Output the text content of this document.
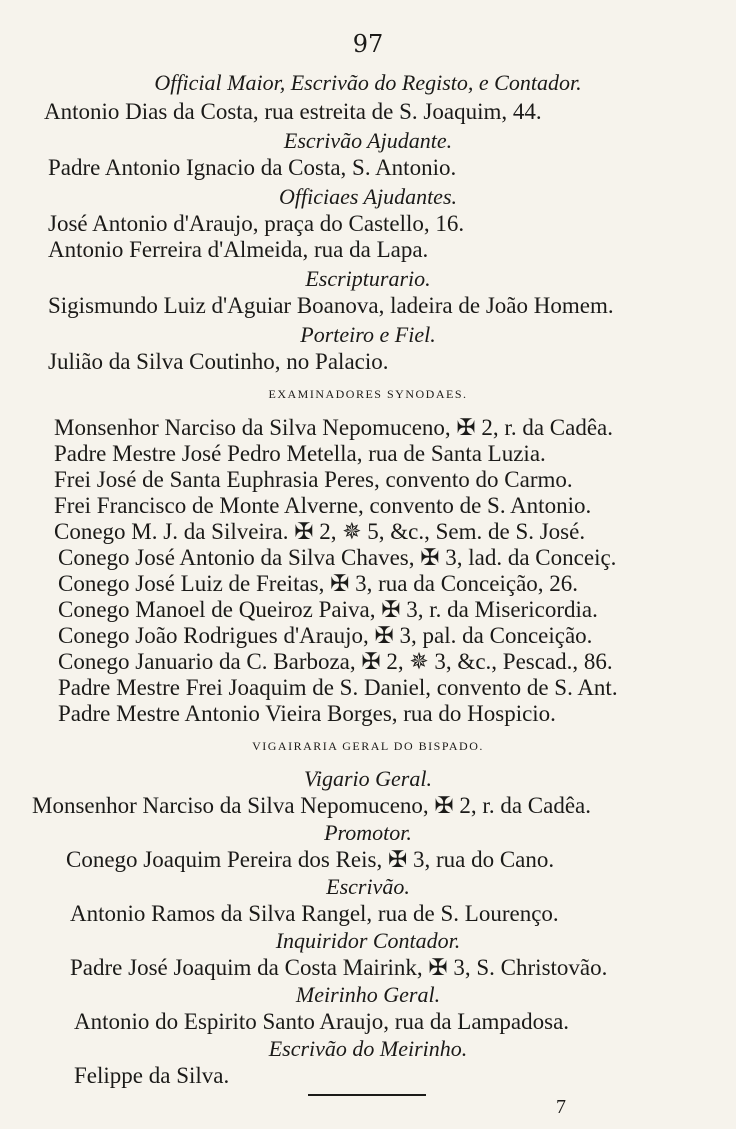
97
Official Maior, Escrivão do Registo, e Contador.
Antonio Dias da Costa, rua estreita de S. Joaquim, 44.
Escrivão Ajudante.
Padre Antonio Ignacio da Costa, S. Antonio.
Officiaes Ajudantes.
José Antonio d'Araujo, praça do Castello, 16.
Antonio Ferreira d'Almeida, rua da Lapa.
Escripturario.
Sigismundo Luiz d'Aguiar Boanova, ladeira de João Homem.
Porteiro e Fiel.
Julião da Silva Coutinho, no Palacio.
EXAMINADORES SYNODAES.
Monsenhor Narciso da Silva Nepomuceno, ✠ 2, r. da Cadêa.
Padre Mestre José Pedro Metella, rua de Santa Luzia.
Frei José de Santa Euphrasia Peres, convento do Carmo.
Frei Francisco de Monte Alverne, convento de S. Antonio.
Conego M. J. da Silveira. ✠ 2, ✵ 5, &c., Sem. de S. José.
Conego José Antonio da Silva Chaves, ✠ 3, lad. da Conceiç.
Conego José Luiz de Freitas, ✠ 3, rua da Conceição, 26.
Conego Manoel de Queiroz Paiva, ✠ 3, r. da Misericordia.
Conego João Rodrigues d'Araujo, ✠ 3, pal. da Conceição.
Conego Januario da C. Barboza, ✠ 2, ✵ 3, &c., Pescad., 86.
Padre Mestre Frei Joaquim de S. Daniel, convento de S. Ant.
Padre Mestre Antonio Vieira Borges, rua do Hospicio.
VIGAIRARIA GERAL DO BISPADO.
Vigario Geral.
Monsenhor Narciso da Silva Nepomuceno, ✠ 2, r. da Cadêa.
Promotor.
Conego Joaquim Pereira dos Reis, ✠ 3, rua do Cano.
Escrivão.
Antonio Ramos da Silva Rangel, rua de S. Lourenço.
Inquiridor Contador.
Padre José Joaquim da Costa Mairink, ✠ 3, S. Christovão.
Meirinho Geral.
Antonio do Espirito Santo Araujo, rua da Lampadosa.
Escrivão do Meirinho.
Felippe da Silva.
7
